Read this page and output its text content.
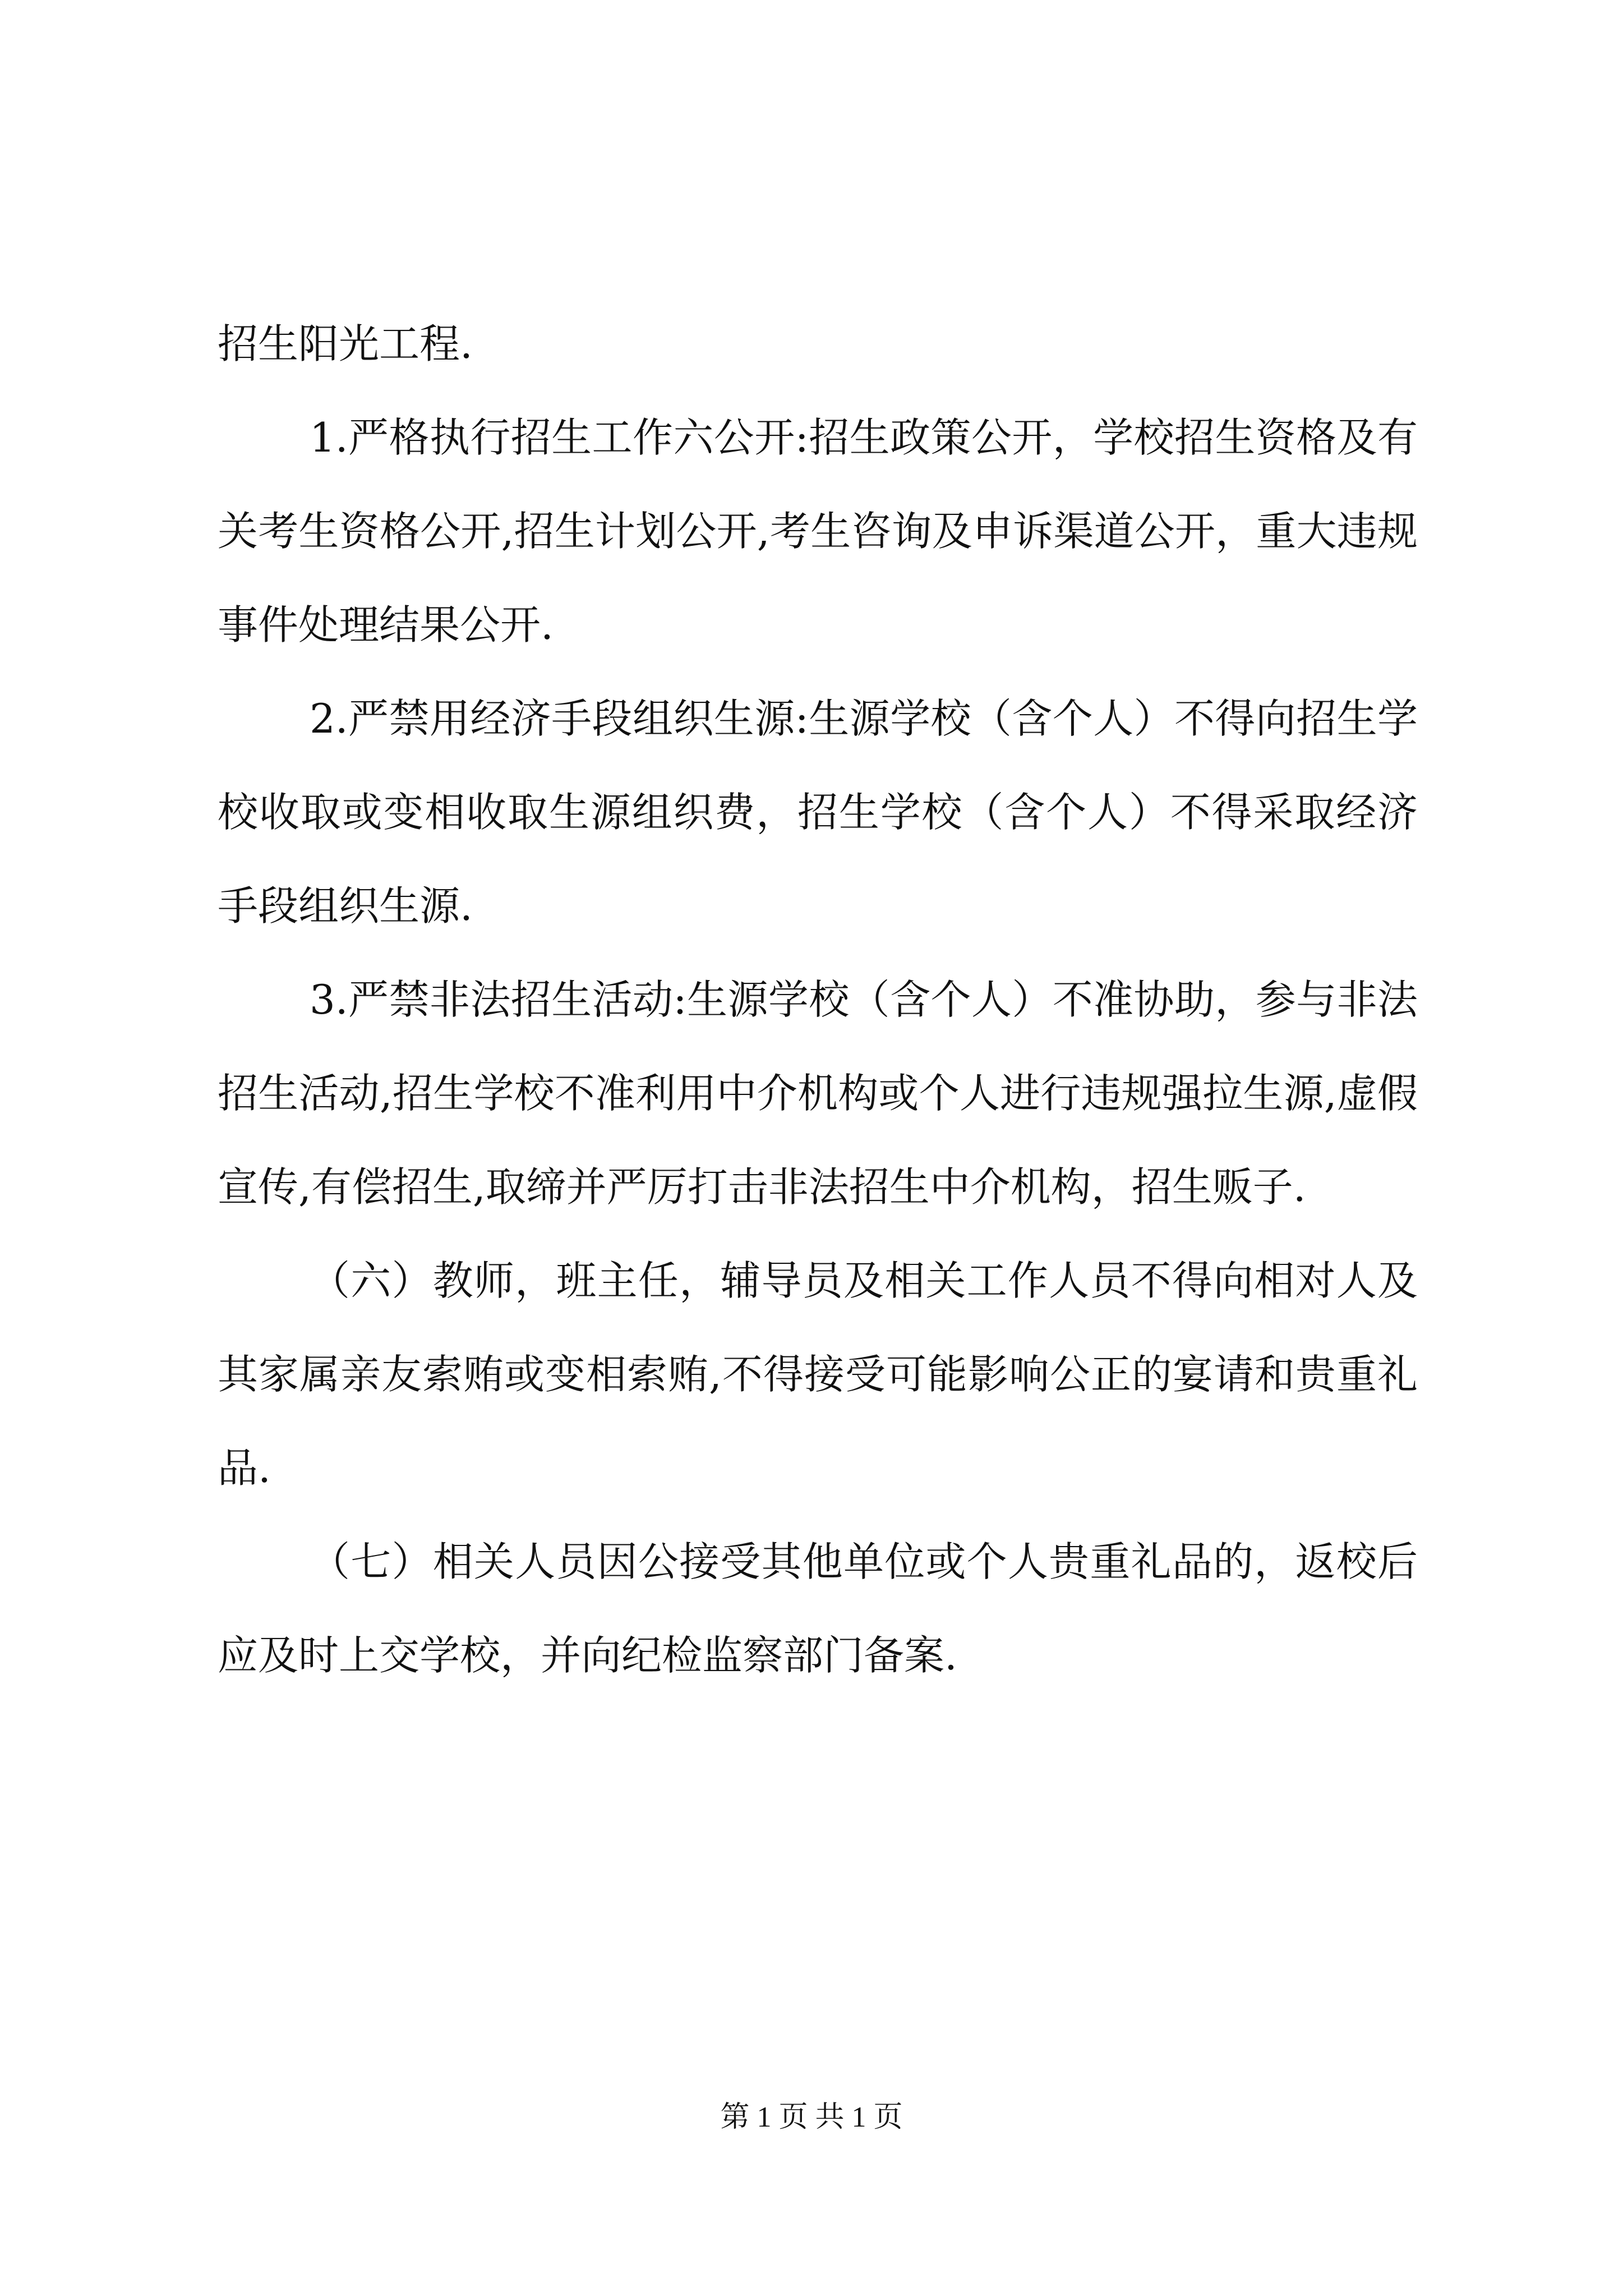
招生阳光工程.

1.严格执行招生工作六公开:招生政策公开，学校招生资格及有关考生资格公开,招生计划公开,考生咨询及申诉渠道公开，重大违规事件处理结果公开.

2.严禁用经济手段组织生源:生源学校（含个人）不得向招生学校收取或变相收取生源组织费，招生学校（含个人）不得采取经济手段组织生源.

3.严禁非法招生活动:生源学校（含个人）不准协助，参与非法招生活动,招生学校不准利用中介机构或个人进行违规强拉生源,虚假宣传,有偿招生,取缔并严厉打击非法招生中介机构，招生贩子.

（六）教师，班主任，辅导员及相关工作人员不得向相对人及其家属亲友索贿或变相索贿,不得接受可能影响公正的宴请和贵重礼品.

（七）相关人员因公接受其他单位或个人贵重礼品的，返校后应及时上交学校，并向纪检监察部门备案.

第 1 页 共 1 页
